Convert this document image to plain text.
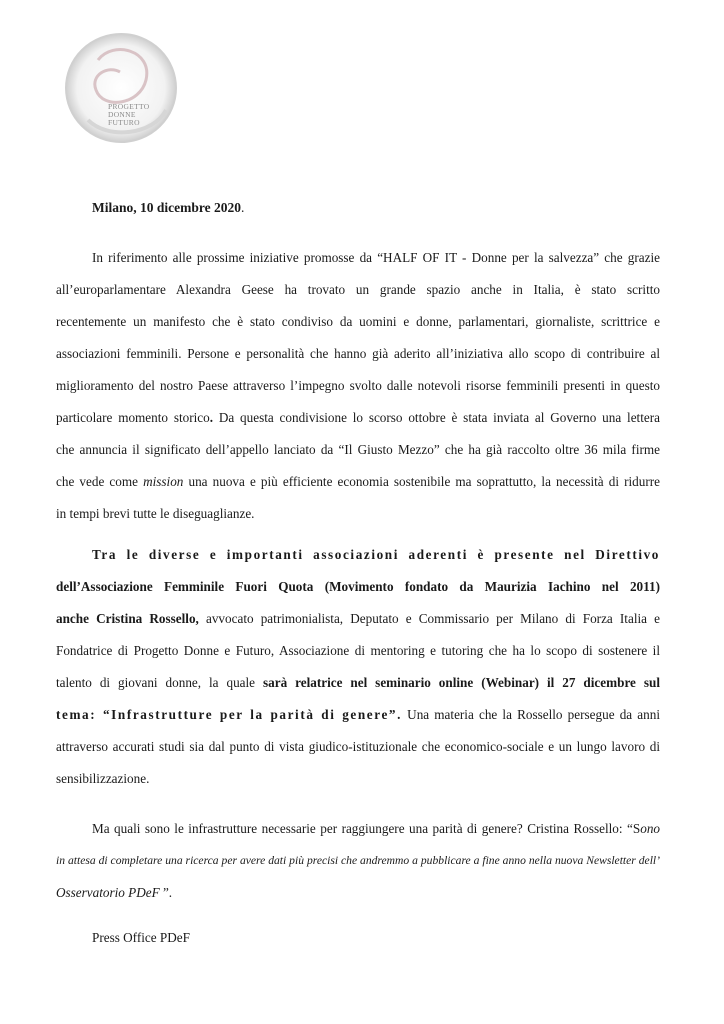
PROGETTO
DONNE
FUTURO
Milano, 10 dicembre 2020.
In riferimento alle prossime iniziative promosse da “HALF OF IT - Donne per la salvezza” che grazie
all’europarlamentare Alexandra Geese ha trovato un grande spazio anche in Italia, è stato scritto
recentemente un manifesto che è stato condiviso da uomini e donne, parlamentari, giornaliste, scrittrice e
associazioni femminili. Persone e personalità che hanno già aderito all’iniziativa allo scopo di contribuire al
miglioramento del nostro Paese attraverso l’impegno svolto dalle notevoli risorse femminili presenti in questo
particolare momento storico. Da questa condivisione lo scorso ottobre è stata inviata al Governo una lettera
che annuncia il significato dell’appello lanciato da “Il Giusto Mezzo” che ha già raccolto oltre 36 mila firme
che vede come mission una nuova e più efficiente economia sostenibile ma soprattutto, la necessità di ridurre
in tempi brevi tutte le diseguaglianze.
Tra le diverse e importanti associazioni aderenti è presente nel Direttivo
dell’Associazione Femminile Fuori Quota (Movimento fondato da Maurizia Iachino nel 2011)
anche Cristina Rossello, avvocato patrimonialista, Deputato e Commissario per Milano di Forza Italia e
Fondatrice di Progetto Donne e Futuro, Associazione di mentoring e tutoring che ha lo scopo di sostenere il
talento di giovani donne, la quale sarà relatrice nel seminario online (Webinar) il 27 dicembre sul
tema: “Infrastrutture per la parità di genere”. Una materia che la Rossello persegue da anni
attraverso accurati studi sia dal punto di vista giudico-istituzionale che economico-sociale e un lungo lavoro di
sensibilizzazione.
Ma quali sono le infrastrutture necessarie per raggiungere una parità di genere? Cristina Rossello: “Sono
in attesa di completare una ricerca per avere dati più precisi che andremmo a pubblicare a fine anno nella nuova Newsletter dell’
Osservatorio PDeF ”.
Press Office PDeF
